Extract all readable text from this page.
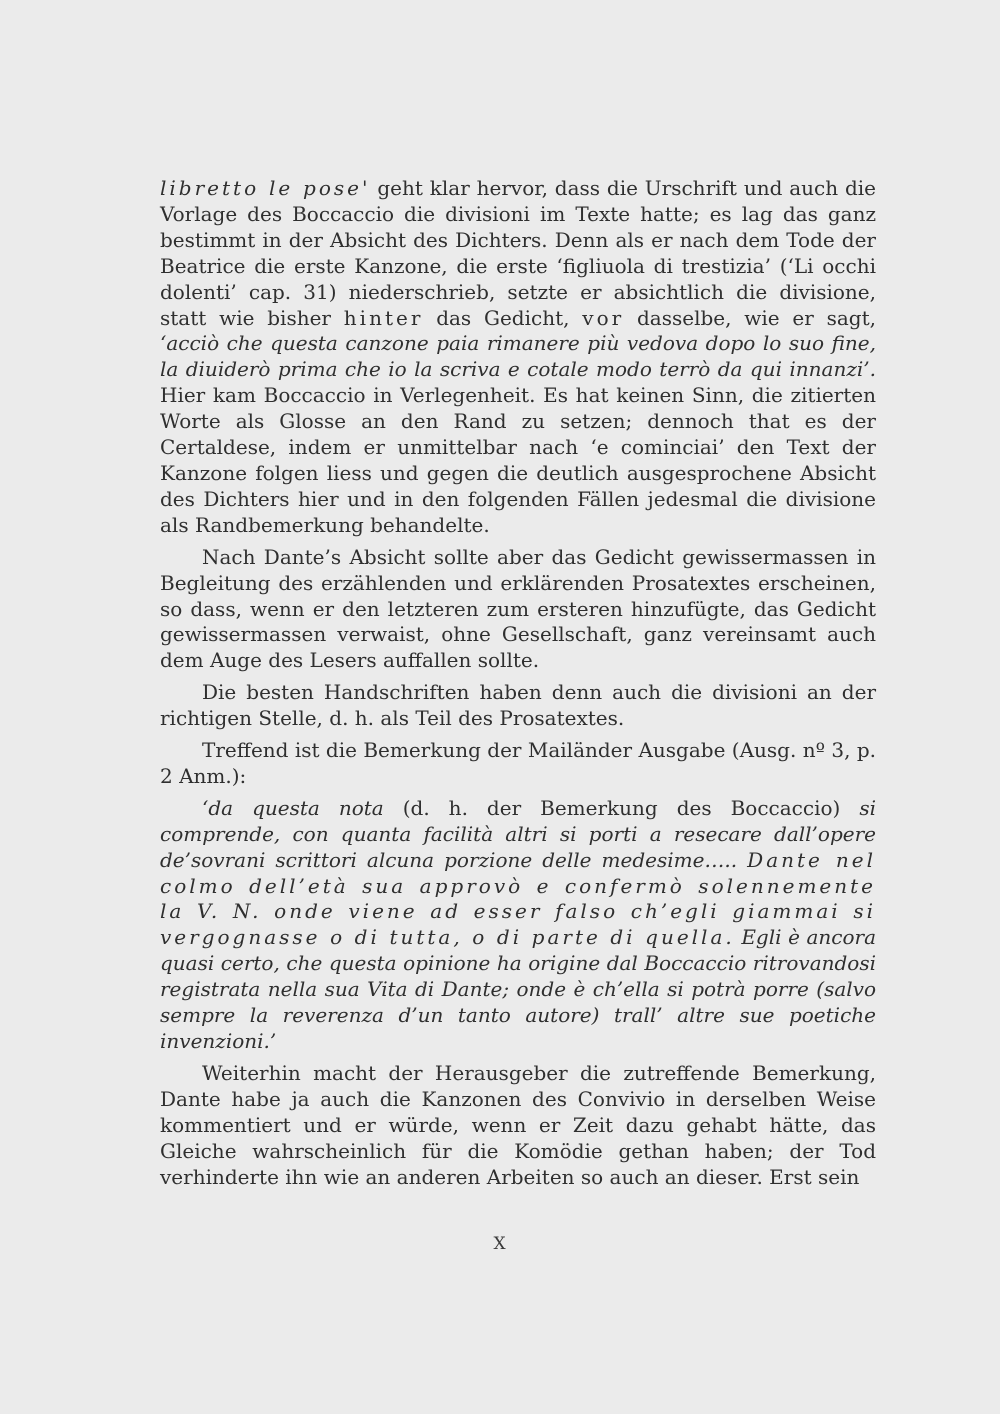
libretto le pose' geht klar hervor, dass die Urschrift und auch die Vorlage des Boccaccio die divisioni im Texte hatte; es lag das ganz bestimmt in der Absicht des Dichters. Denn als er nach dem Tode der Beatrice die erste Kanzone, die erste ‘figliuola di trestizia’ (‘Li occhi dolenti’ cap. 31) niederschrieb, setzte er absichtlich die divisione, statt wie bisher hinter das Gedicht, vor dasselbe, wie er sagt, ‘acciò che questa canzone paia rimanere più vedova dopo lo suo fine, la diuiderò prima che io la scriva e cotale modo terrò da qui innanzi’. Hier kam Boccaccio in Verlegenheit. Es hat keinen Sinn, die zitierten Worte als Glosse an den Rand zu setzen; dennoch that es der Certaldese, indem er unmittelbar nach ‘e cominciai’ den Text der Kanzone folgen liess und gegen die deutlich ausgesprochene Absicht des Dichters hier und in den folgenden Fällen jedesmal die divisione als Randbemerkung behandelte.

Nach Dante’s Absicht sollte aber das Gedicht gewissermassen in Begleitung des erzählenden und erklärenden Prosatextes erscheinen, so dass, wenn er den letzteren zum ersteren hinzufügte, das Gedicht gewissermassen verwaist, ohne Gesellschaft, ganz vereinsamt auch dem Auge des Lesers auffallen sollte.

Die besten Handschriften haben denn auch die divisioni an der richtigen Stelle, d. h. als Teil des Prosatextes.

Treffend ist die Bemerkung der Mailänder Ausgabe (Ausg. nº 3, p. 2 Anm.):

‘da questa nota (d. h. der Bemerkung des Boccaccio) si comprende, con quanta facilità altri si porti a resecare dall’opere de’sovrani scrittori alcuna porzione delle medesime….. Dante nel colmo dell’età sua approvò e confermò solennemente la V. N. onde viene ad esser falso ch’egli giammai si vergognasse o di tutta, o di parte di quella. Egli è ancora quasi certo, che questa opinione ha origine dal Boccaccio ritrovandosi registrata nella sua Vita di Dante; onde è ch’ella si potrà porre (salvo sempre la reverenza d’un tanto autore) trall’ altre sue poetiche invenzioni.’

Weiterhin macht der Herausgeber die zutreffende Bemerkung, Dante habe ja auch die Kanzonen des Convivio in derselben Weise kommentiert und er würde, wenn er Zeit dazu gehabt hätte, das Gleiche wahrscheinlich für die Komödie gethan haben; der Tod verhinderte ihn wie an anderen Arbeiten so auch an dieser. Erst sein

X
